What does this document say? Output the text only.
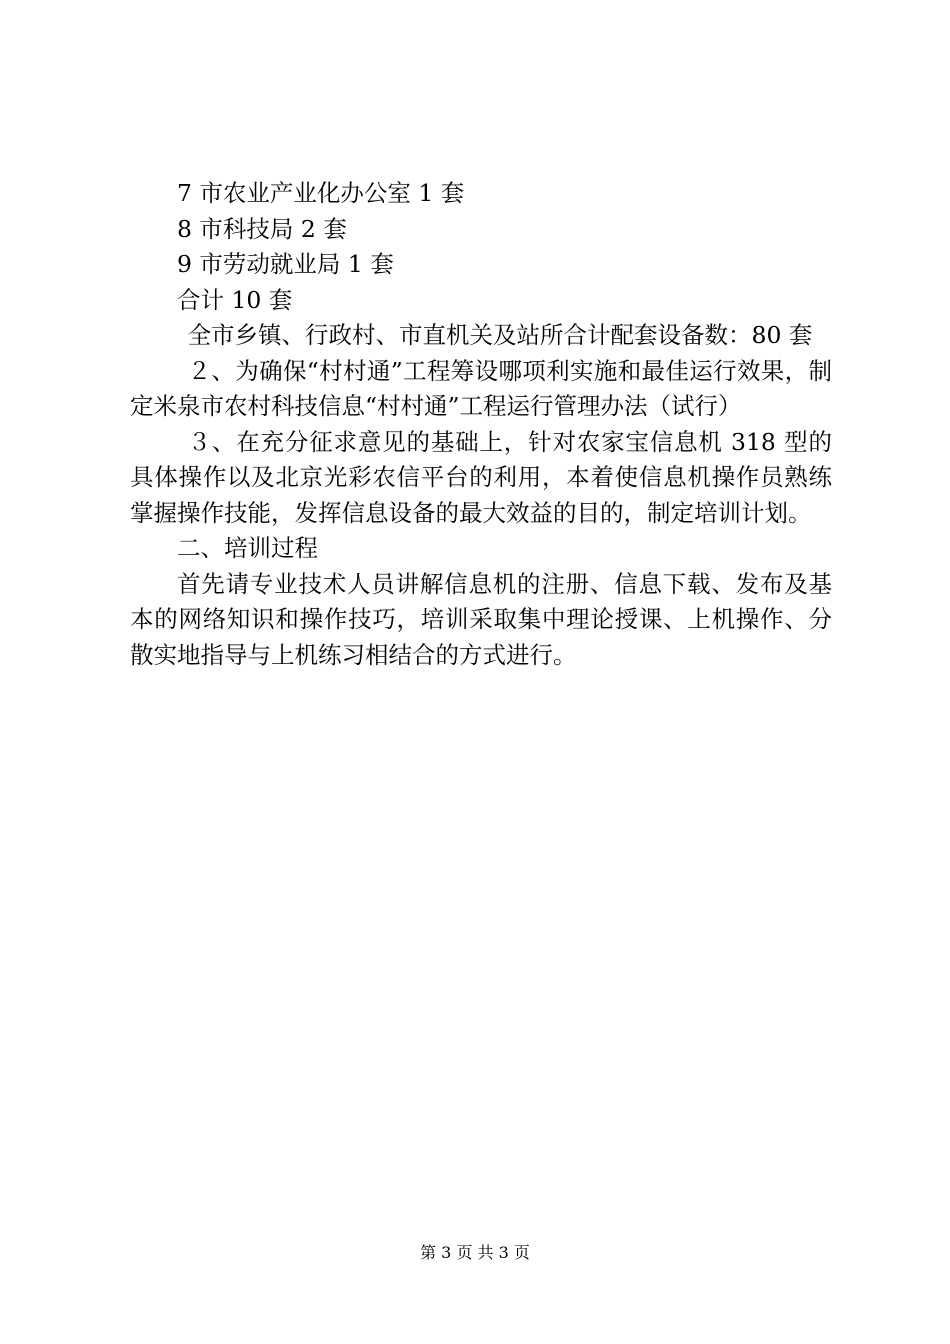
7 市农业产业化办公室 1 套

8 市科技局 2 套

9 市劳动就业局 1 套

合计 10 套

全市乡镇、行政村、市直机关及站所合计配套设备数：80 套

２、为确保“村村通”工程筹设哪项利实施和最佳运行效果，制定米泉市农村科技信息“村村通”工程运行管理办法（试行）

３、在充分征求意见的基础上，针对农家宝信息机 318 型的具体操作以及北京光彩农信平台的利用，本着使信息机操作员熟练掌握操作技能，发挥信息设备的最大效益的目的，制定培训计划。

二、培训过程

首先请专业技术人员讲解信息机的注册、信息下载、发布及基本的网络知识和操作技巧，培训采取集中理论授课、上机操作、分散实地指导与上机练习相结合的方式进行。

第 3 页 共 3 页
